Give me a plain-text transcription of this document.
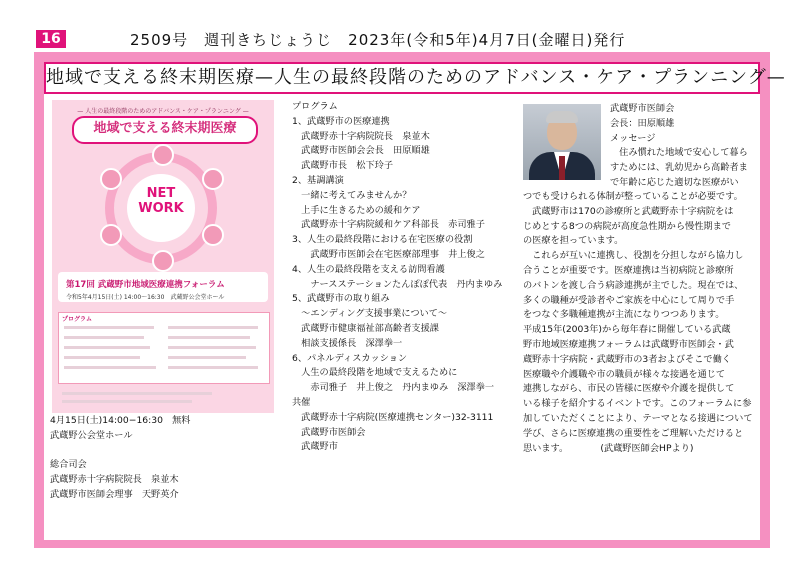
16	2509号　週刊きちじょうじ　2023年(令和5年)4月7日(金曜日)発行
地域で支える終末期医療—人生の最終段階のためのアドバンス・ケア・プランニング—
— 人生の最終段階のためのアドバンス・ケア・プランニング —
地域で支える終末期医療
NET
WORK
第17回 武蔵野市地域医療連携フォーラム
令和5年4月15日(土) 14:00〜16:30　武蔵野公会堂ホール
プログラム
4月15日(土)14:00−16:30　無料
武蔵野公会堂ホール
総合司会
武蔵野赤十字病院院長　泉並木
武蔵野市医師会理事　天野英介
プログラム
1、武蔵野市の医療連携
　武蔵野赤十字病院院長　泉並木
　武蔵野市医師会会長　田原順雄
　武蔵野市長　松下玲子
2、基調講演
　一緒に考えてみませんか？
　上手に生きるための緩和ケア
　武蔵野赤十字病院緩和ケア科部長　赤司雅子
3、人生の最終段階における在宅医療の役割
　　武蔵野市医師会在宅医療部理事　井上俊之
4、人生の最終段階を支える訪問看護
　　ナースステーションたんぽぽ代表　丹内まゆみ
5、武蔵野市の取り組み
　〜エンディング支援事業について〜
　武蔵野市健康福祉部高齢者支援課
　相談支援係長　深澤拳一
6、パネルディスカッション
　人生の最終段階を地域で支えるために
　　赤司雅子　井上俊之　丹内まゆみ　深澤拳一
共催
　武蔵野赤十字病院(医療連携センター)32-3111
　武蔵野市医師会
　武蔵野市
武蔵野市医師会
会長：田原順雄
メッセージ
　住み慣れた地域で安心して暮ら
すためには、乳幼児から高齢者ま
で年齢に応じた適切な医療がい
つでも受けられる体制が整っていることが必要です。
　武蔵野市は170の診療所と武蔵野赤十字病院をは
じめとする8つの病院が高度急性期から慢性期まで
の医療を担っています。
　これらが互いに連携し、役割を分担しながら協力し
合うことが重要です。医療連携は当初病院と診療所
のバトンを渡し合う病診連携が主でした。現在では、
多くの職種が受診者やご家族を中心にして周りで手
をつなぐ多職種連携が主流になりつつあります。
平成15年(2003年)から毎年春に開催している武蔵
野市地域医療連携フォーラムは武蔵野市医師会・武
蔵野赤十字病院・武蔵野市の3者およびそこで働く
医療職や介護職や市の職員が様々な接遇を通じて
連携しながら、市民の皆様に医療や介護を提供して
いる様子を紹介するイベントです。このフォーラムに参
加していただくことにより、テーマとなる接遇について
学び、さらに医療連携の重要性をご理解いただけると
思います。　　　　(武蔵野医師会HPより)
